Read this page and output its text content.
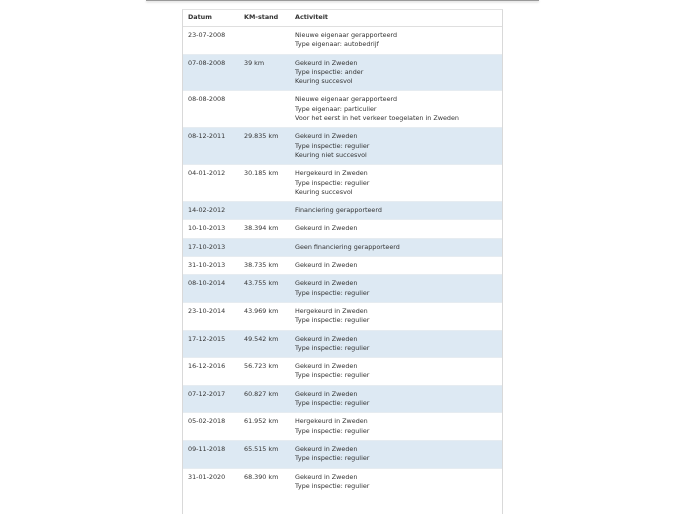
Datum	KM-stand	Activiteit
23-07-2008		Nieuwe eigenaar gerapporteerd
Type eigenaar: autobedrijf

07-08-2008	39 km	Gekeurd in Zweden
Type inspectie: ander
Keuring succesvol

08-08-2008		Nieuwe eigenaar gerapporteerd
Type eigenaar: particulier
Voor het eerst in het verkeer toegelaten in Zweden

08-12-2011	29.835 km	Gekeurd in Zweden
Type inspectie: regulier
Keuring niet succesvol

04-01-2012	30.185 km	Hergekeurd in Zweden
Type inspectie: regulier
Keuring succesvol

14-02-2012		Financiering gerapporteerd

10-10-2013	38.394 km	Gekeurd in Zweden

17-10-2013		Geen financiering gerapporteerd

31-10-2013	38.735 km	Gekeurd in Zweden

08-10-2014	43.755 km	Gekeurd in Zweden
Type inspectie: regulier

23-10-2014	43.969 km	Hergekeurd in Zweden
Type inspectie: regulier

17-12-2015	49.542 km	Gekeurd in Zweden
Type inspectie: regulier

16-12-2016	56.723 km	Gekeurd in Zweden
Type inspectie: regulier

07-12-2017	60.827 km	Gekeurd in Zweden
Type inspectie: regulier

05-02-2018	61.952 km	Hergekeurd in Zweden
Type inspectie: regulier

09-11-2018	65.515 km	Gekeurd in Zweden
Type inspectie: regulier

31-01-2020	68.390 km	Gekeurd in Zweden
Type inspectie: regulier
